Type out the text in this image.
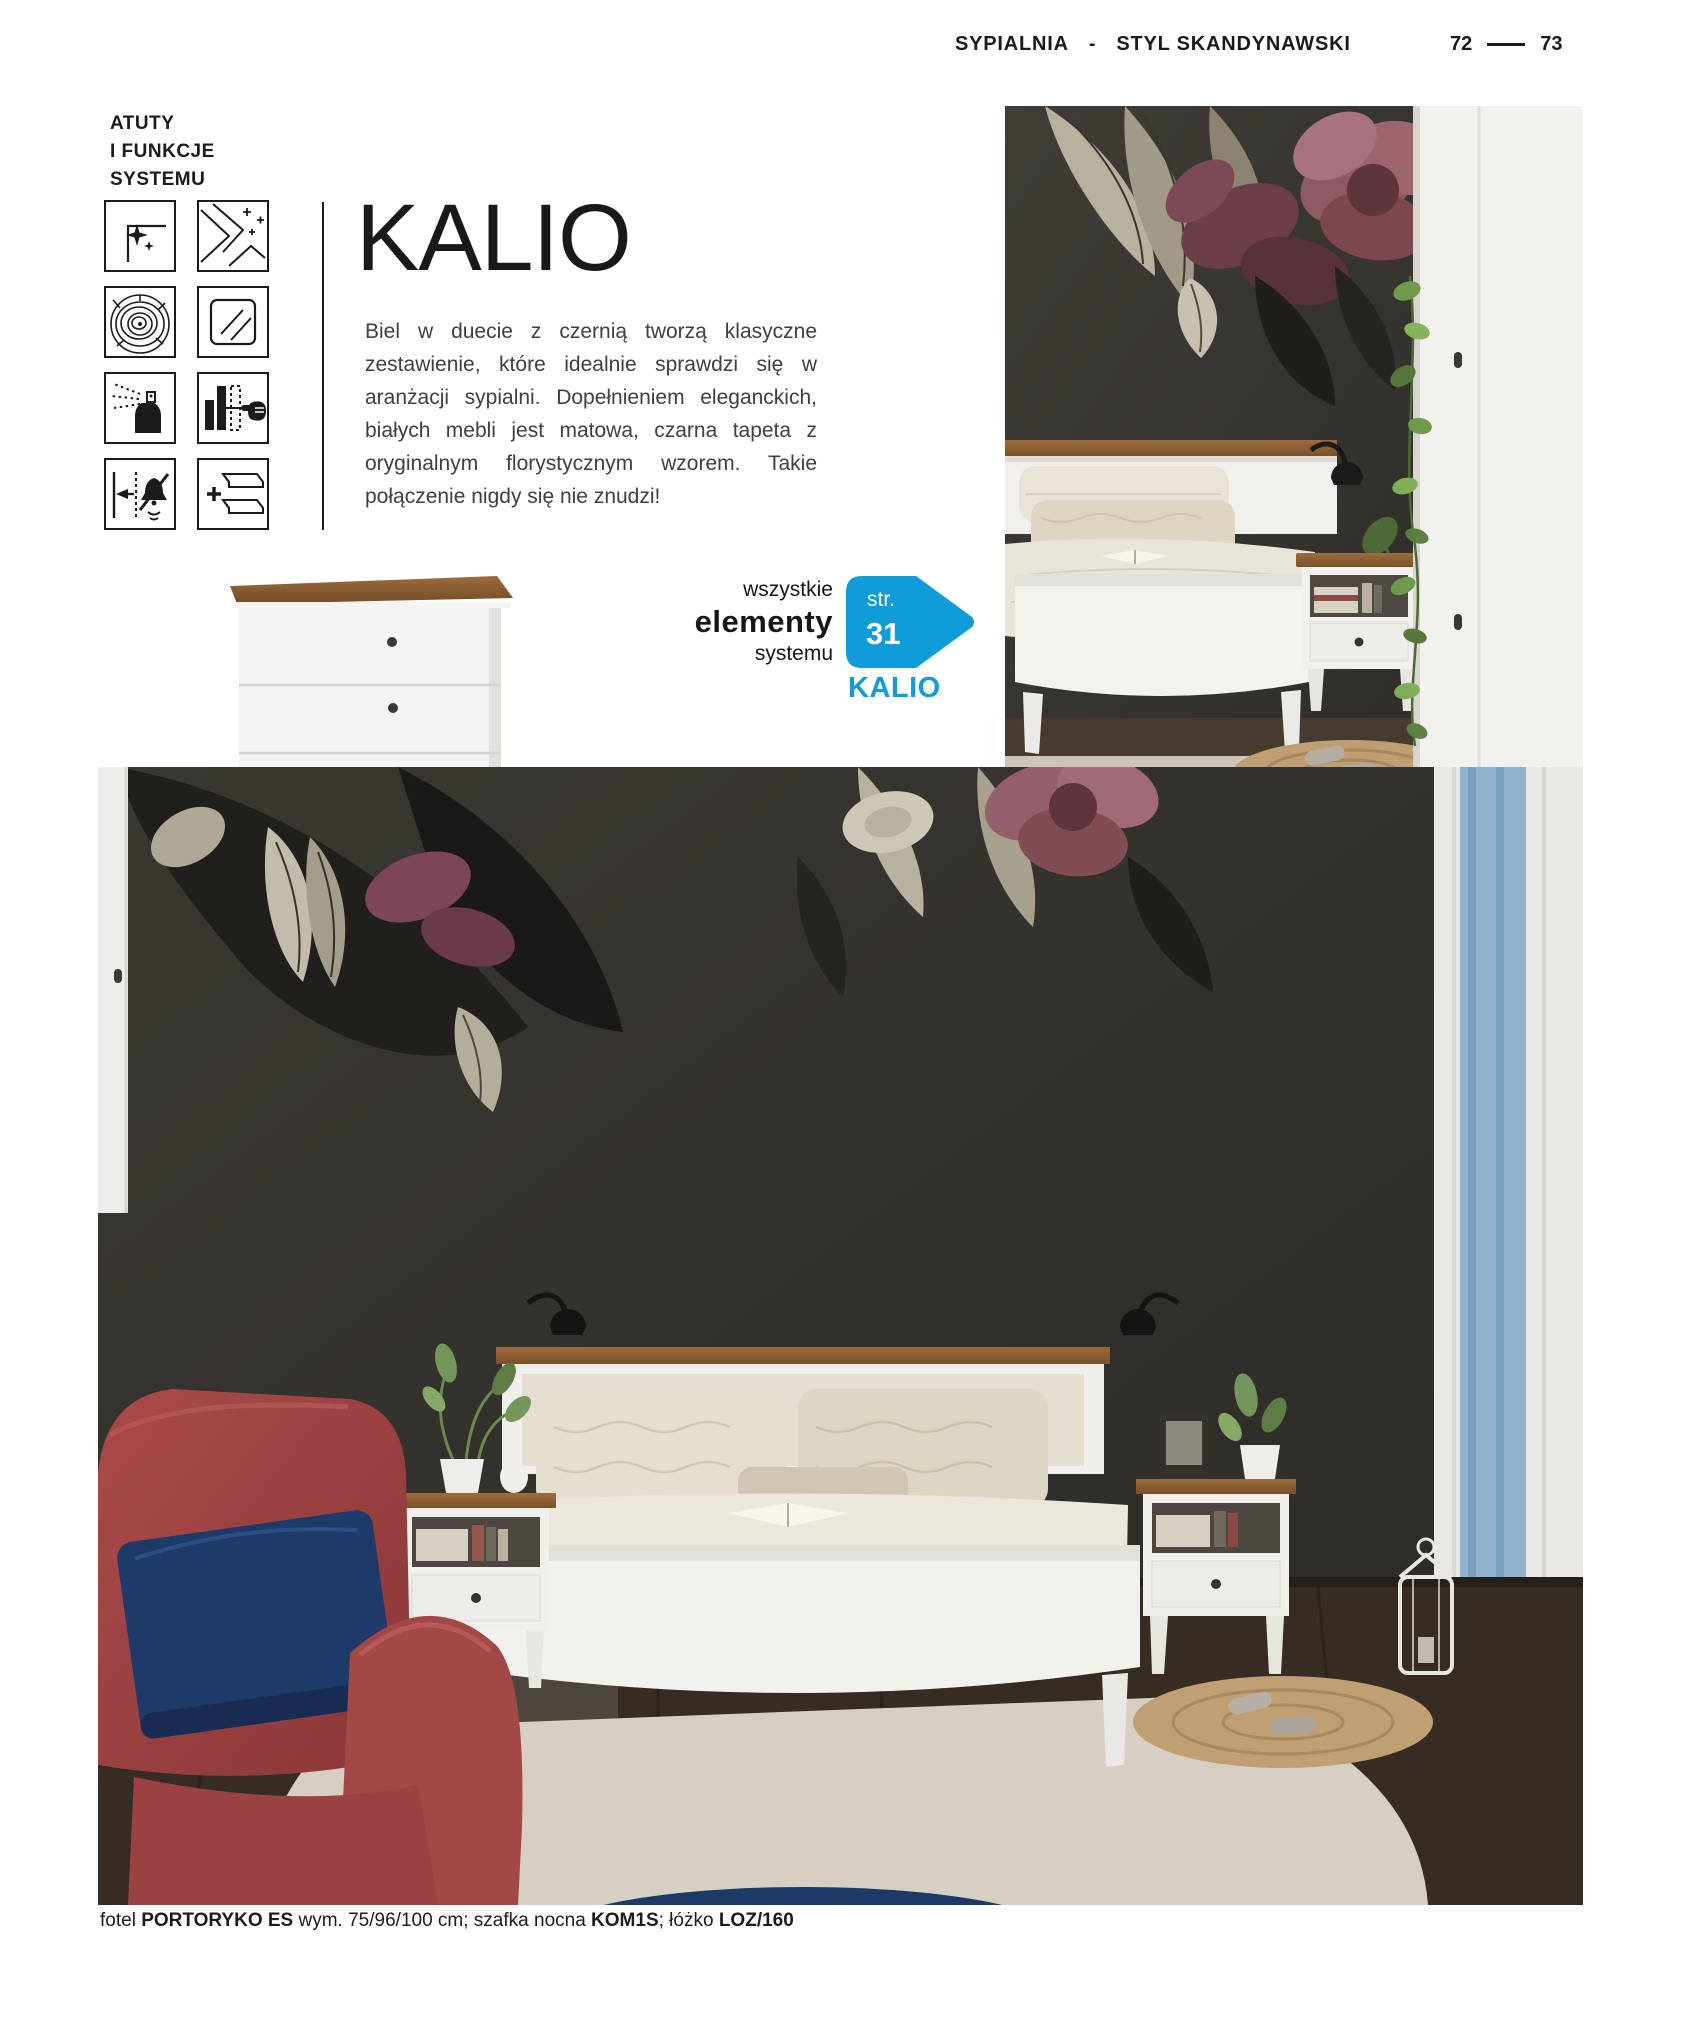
SYPIALNIA - STYL SKANDYNAWSKI	72	73
ATUTY
I FUNKCJE
SYSTEMU
KALIO

Biel w duecie z czernią tworzą klasyczne zestawienie, które idealnie sprawdzi się w aranżacji sypialni. Dopełnieniem eleganckich, białych mebli jest matowa, czarna tapeta z oryginalnym florystycznym wzorem. Takie połączenie nigdy się nie znudzi!

wszystkie
elementy
systemu
str.
31
KALIO

fotel PORTORYKO ES wym. 75/96/100 cm; szafka nocna KOM1S; łóżko LOZ/160
